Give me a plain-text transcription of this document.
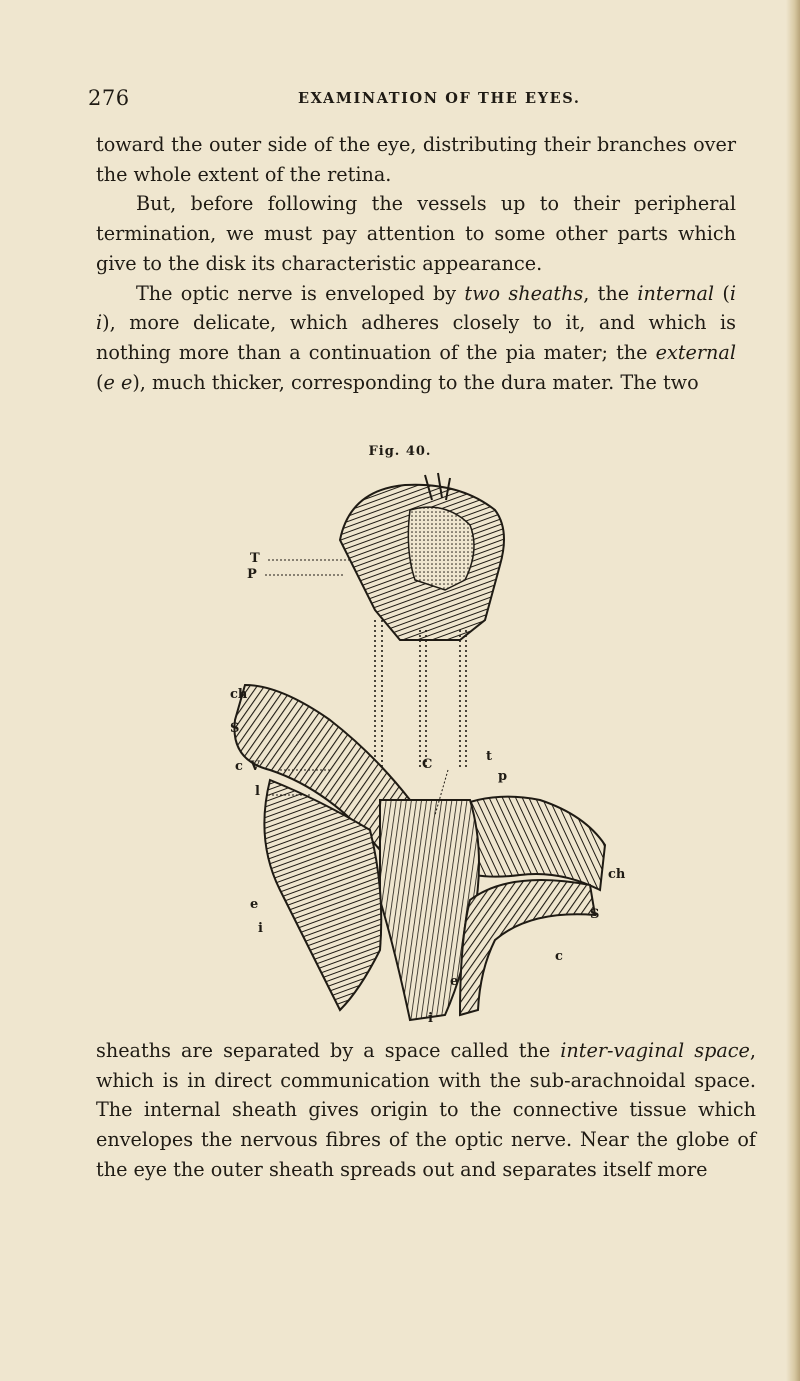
276	EXAMINATION OF THE EYES.

toward the outer side of the eye, distributing their branches over the whole extent of the retina.

But, before following the vessels up to their peripheral termination, we must pay attention to some other parts which give to the disk its characteristic appearance.

The optic nerve is enveloped by two sheaths, the internal (i i), more delicate, which adheres closely to it, and which is nothing more than a continuation of the pia mater; the external (e e), much thicker, corresponding to the dura mater. The two

Fig. 40.
T
P
ch
S
c V
l
e
i
C
t
p
ch
S
c
e
i

sheaths are separated by a space called the inter-vaginal space, which is in direct communication with the sub-arachnoidal space. The internal sheath gives origin to the connective tissue which envelopes the nervous fibres of the optic nerve. Near the globe of the eye the outer sheath spreads out and separates itself more
